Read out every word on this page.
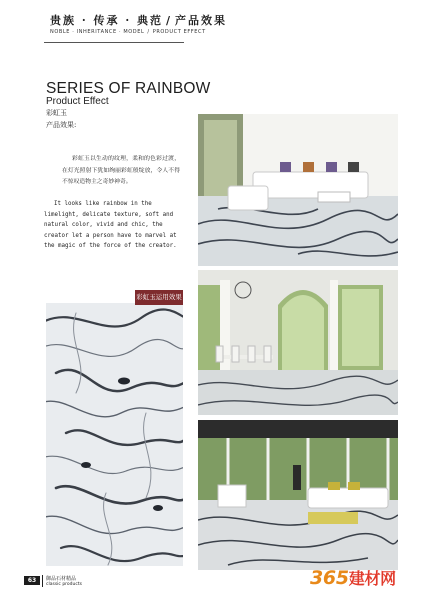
贵族 · 传承 · 典范 / 产品效果
NOBLE · INHERITANCE · MODEL / PRODUCT EFFECT
SERIES OF RAINBOW
Product Effect
彩虹玉
产品效果:
彩虹玉以生动的纹理，柔和的色彩过渡，在灯光照射下犹如绚丽彩虹般绽放，令人不得不惊叹造物主之奇妙神奇。
It looks like rainbow in the limelight, delicate texture, soft and natural color, vivid and chic, the creator let a person have to marvel at the magic of the force of the creator.
彩虹玉运用效果
63	御品石材精品
classic products	365建材网
